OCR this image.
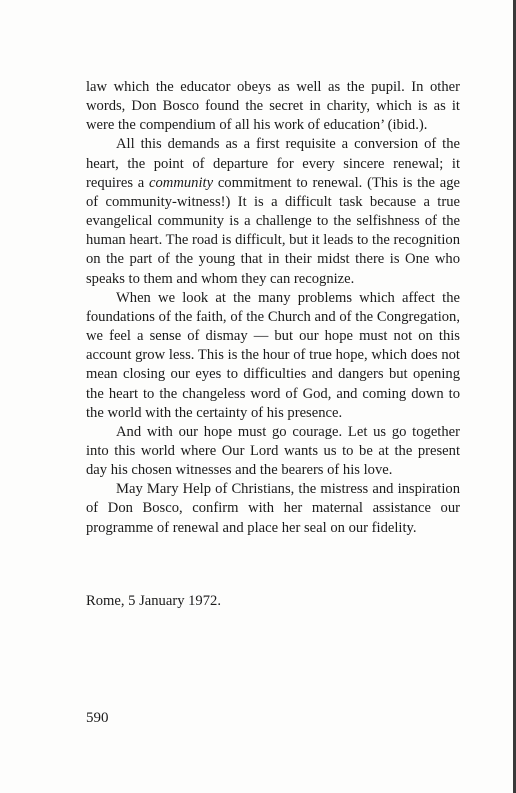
law which the educator obeys as well as the pupil. In other words, Don Bosco found the secret in charity, which is as it were the compendium of all his work of education’ (ibid.).

All this demands as a first requisite a conversion of the heart, the point of departure for every sincere renewal; it requires a community commitment to renewal. (This is the age of community-witness!) It is a difficult task because a true evangelical community is a challenge to the selfishness of the human heart. The road is difficult, but it leads to the recognition on the part of the young that in their midst there is One who speaks to them and whom they can recognize.

When we look at the many problems which affect the foundations of the faith, of the Church and of the Congregation, we feel a sense of dismay — but our hope must not on this account grow less. This is the hour of true hope, which does not mean closing our eyes to difficulties and dangers but opening the heart to the changeless word of God, and coming down to the world with the certainty of his presence.

And with our hope must go courage. Let us go together into this world where Our Lord wants us to be at the present day his chosen witnesses and the bearers of his love.

May Mary Help of Christians, the mistress and inspiration of Don Bosco, confirm with her maternal assistance our programme of renewal and place her seal on our fidelity.

Rome, 5 January 1972.
590
